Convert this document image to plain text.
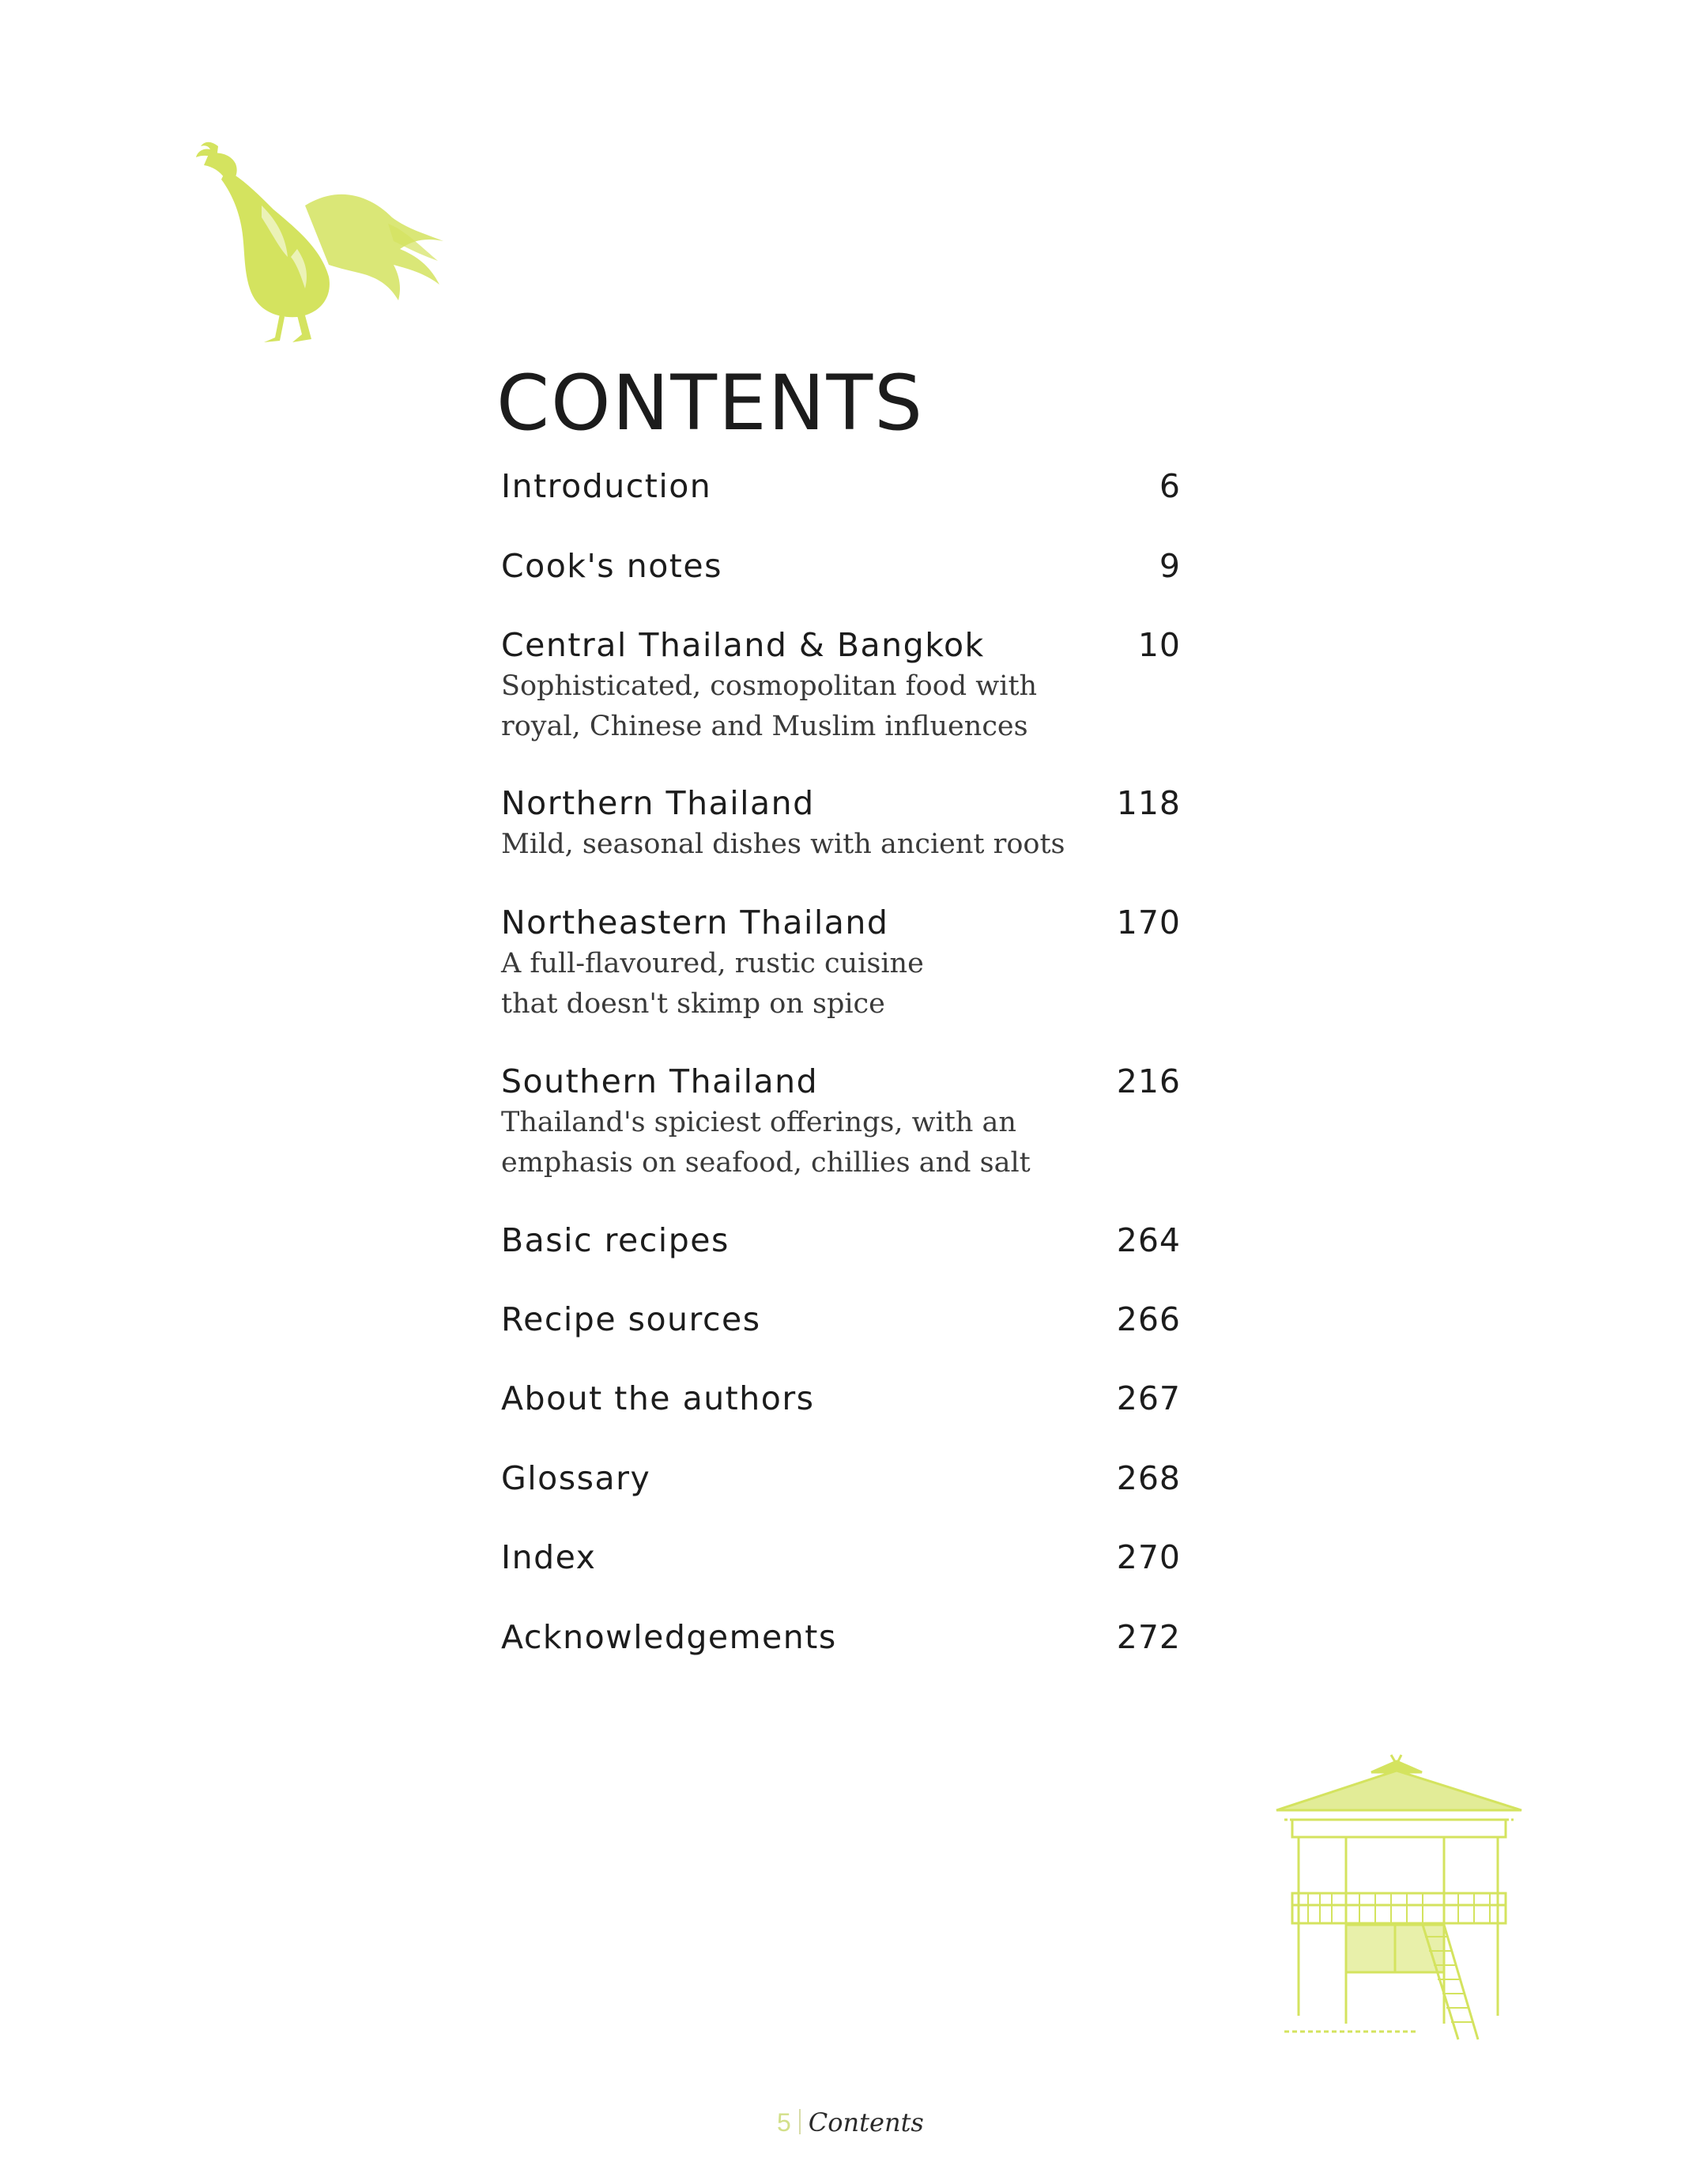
CONTENTS
Introduction	6
Cook's notes	9
Central Thailand & Bangkok	10
Sophisticated, cosmopolitan food with
royal, Chinese and Muslim influences
Northern Thailand	118
Mild, seasonal dishes with ancient roots
Northeastern Thailand	170
A full-flavoured, rustic cuisine
that doesn't skimp on spice
Southern Thailand	216
Thailand's spiciest offerings, with an
emphasis on seafood, chillies and salt
Basic recipes	264
Recipe sources	266
About the authors	267
Glossary	268
Index	270
Acknowledgements	272
5 Contents
